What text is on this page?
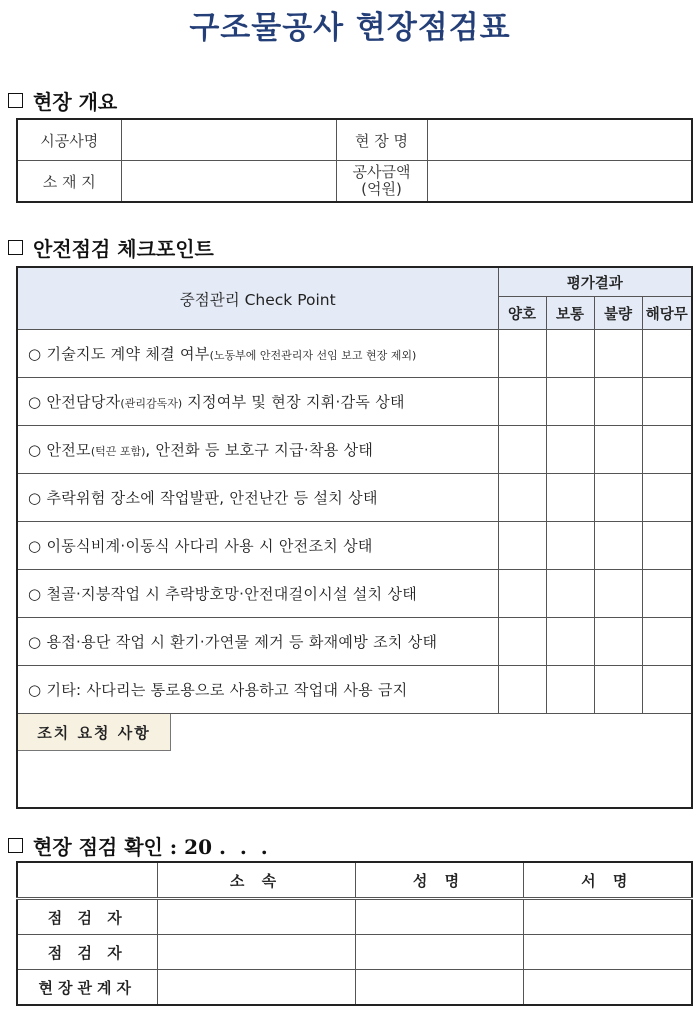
구조물공사 현장점검표
현장 개요
시공사명		현 장 명	
소 재 지		공사금액
(억원)	

안전점검 체크포인트
중점관리 Check Point	평가결과			
	양호	보통	불량	해당무
○ 기술지도 계약 체결 여부(노동부에 안전관리자 선임 보고 현장 제외)				
○ 안전담당자(관리감독자) 지정여부 및 현장 지휘·감독 상태				
○ 안전모(턱끈 포함), 안전화 등 보호구 지급·착용 상태				
○ 추락위험 장소에 작업발판, 안전난간 등 설치 상태				
○ 이동식비계·이동식 사다리 사용 시 안전조치 상태				
○ 철골·지붕작업 시 추락방호망·안전대걸이시설 설치 상태				
○ 용접·용단 작업 시 환기·가연물 제거 등 화재예방 조치 상태				
○ 기타: 사다리는 통로용으로 사용하고 작업대 사용 금지				

조치 요청 사항				
현장 점검 확인 : 20 .  .  .
	소 속	성 명	서 명
점 검 자			
점 검 자			
현장관계자			
